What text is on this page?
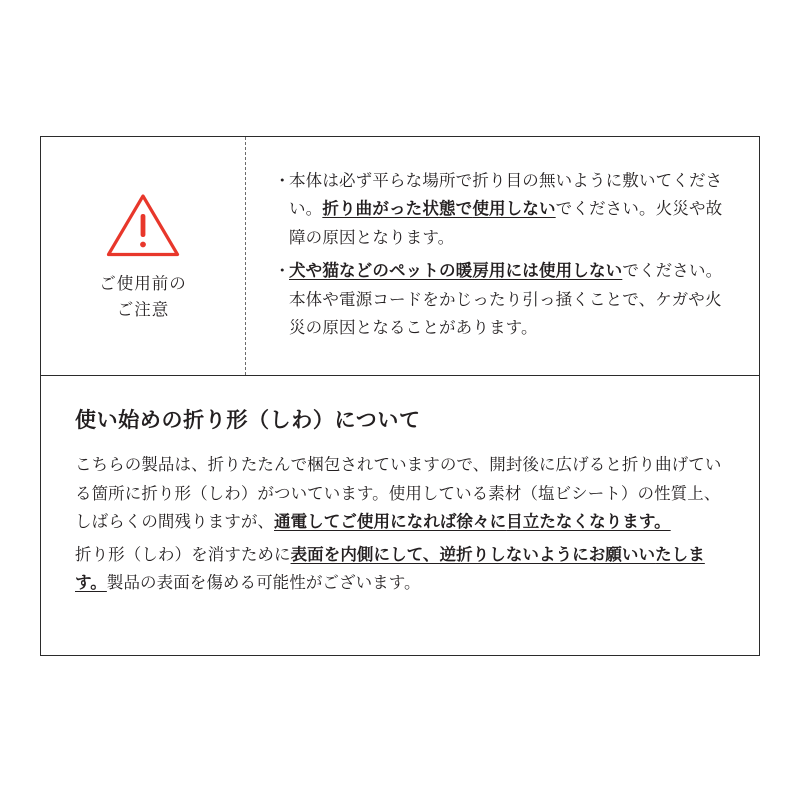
ご使用前の
ご注意
・
本体は必ず平らな場所で折り目の無いように敷いてください。折り曲がった状態で使用しないでください。火災や故障の原因となります。
・
犬や猫などのペットの暖房用には使用しないでください。本体や電源コードをかじったり引っ掻くことで、ケガや火災の原因となることがあります。
使い始めの折り形（しわ）について

こちらの製品は、折りたたんで梱包されていますので、開封後に広げると折り曲げている箇所に折り形（しわ）がついています。使用している素材（塩ビシート）の性質上、しばらくの間残りますが、通電してご使用になれば徐々に目立たなくなります。

折り形（しわ）を消すために表面を内側にして、逆折りしないようにお願いいたします。製品の表面を傷める可能性がございます。
